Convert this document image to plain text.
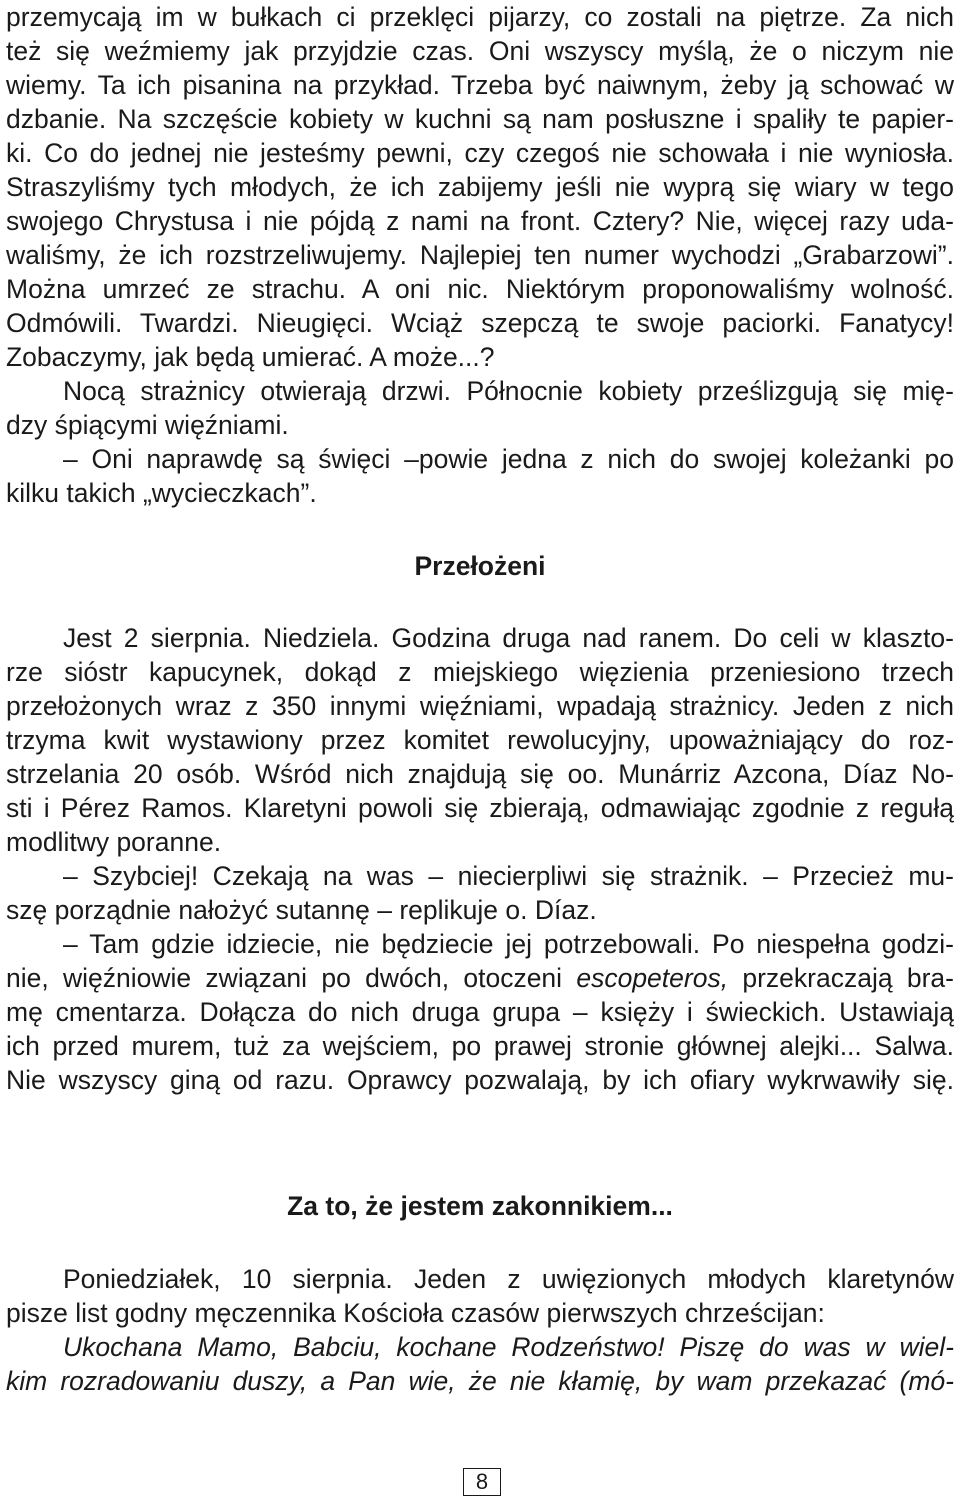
przemycają im w bułkach ci przeklęci pijarzy, co zostali na piętrze. Za nich
też się weźmiemy jak przyjdzie czas. Oni wszyscy myślą, że o niczym nie
wiemy. Ta ich pisanina na przykład. Trzeba być naiwnym, żeby ją schować w
dzbanie. Na szczęście kobiety w kuchni są nam posłuszne i spaliły te papier-
ki. Co do jednej nie jesteśmy pewni, czy czegoś nie schowała i nie wyniosła.
Straszyliśmy tych młodych, że ich zabijemy jeśli nie wyprą się wiary w tego
swojego Chrystusa i nie pójdą z nami na front. Cztery? Nie, więcej razy uda-
waliśmy, że ich rozstrzeliwujemy. Najlepiej ten numer wychodzi „Grabarzowi”.
Można umrzeć ze strachu. A oni nic. Niektórym proponowaliśmy wolność.
Odmówili. Twardzi. Nieugięci. Wciąż szepczą te swoje paciorki. Fanatycy!
Zobaczymy, jak będą umierać. A może...?
Nocą strażnicy otwierają drzwi. Północnie kobiety prześlizgują się mię-
dzy śpiącymi więźniami.
– Oni naprawdę są święci –powie jedna z nich do swojej koleżanki po
kilku takich „wycieczkach”.
Przełożeni
Jest 2 sierpnia. Niedziela. Godzina druga nad ranem. Do celi w klaszto-
rze sióstr kapucynek, dokąd z miejskiego więzienia przeniesiono trzech
przełożonych wraz z 350 innymi więźniami, wpadają strażnicy. Jeden z nich
trzyma kwit wystawiony przez komitet rewolucyjny, upoważniający do roz-
strzelania 20 osób. Wśród nich znajdują się oo. Munárriz Azcona, Díaz No-
sti i Pérez Ramos. Klaretyni powoli się zbierają, odmawiając zgodnie z regułą
modlitwy poranne.
– Szybciej! Czekają na was – niecierpliwi się strażnik. – Przecież mu-
szę porządnie nałożyć sutannę – replikuje o. Díaz.
– Tam gdzie idziecie, nie będziecie jej potrzebowali. Po niespełna godzi-
nie, więźniowie związani po dwóch, otoczeni escopeteros, przekraczają bra-
mę cmentarza. Dołącza do nich druga grupa – księży i świeckich. Ustawiają
ich przed murem, tuż za wejściem, po prawej stronie głównej alejki... Salwa.
Nie wszyscy giną od razu. Oprawcy pozwalają, by ich ofiary wykrwawiły się.
Za to, że jestem zakonnikiem...
Poniedziałek, 10 sierpnia. Jeden z uwięzionych młodych klaretynów
pisze list godny męczennika Kościoła czasów pierwszych chrześcijan:
Ukochana Mamo, Babciu, kochane Rodzeństwo! Piszę do was w wiel-
kim rozradowaniu duszy, a Pan wie, że nie kłamię, by wam przekazać (mó-
8
